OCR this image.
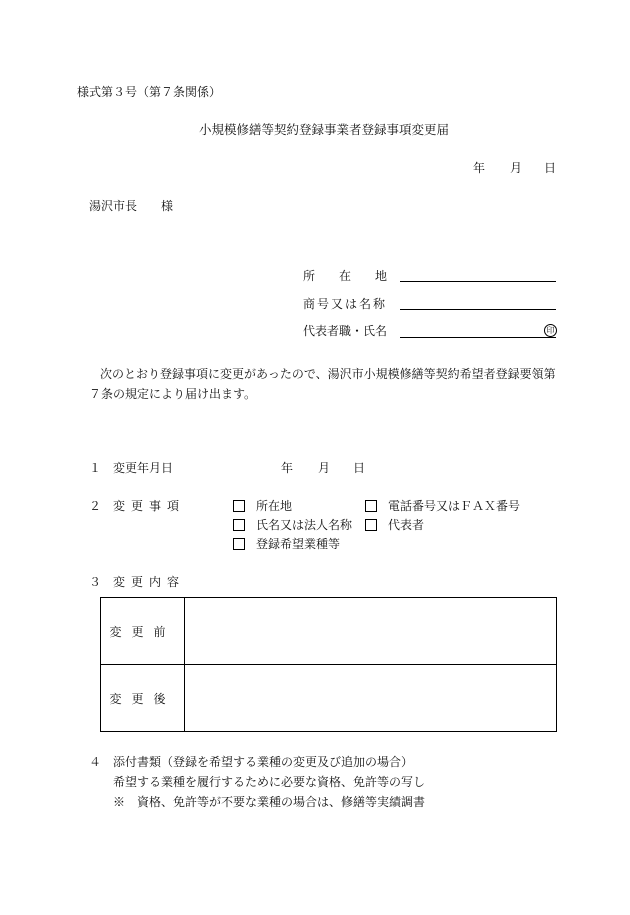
様式第３号（第７条関係）
小規模修繕等契約登録事業者登録事項変更届
年 月 日
湯沢市長　　様
所　　在　　地
商号又は名称
代表者職・氏名	印
次のとおり登録事項に変更があったので、湯沢市小規模修繕等契約希望者登録要領第
７条の規定により届け出ます。
１ 変更年月日	年 月 日
２ 変更事項	所在地	電話番号又はＦＡＸ番号
氏名又は法人名称	代表者
登録希望業種等
３ 変更内容
変更前	
変更後	
４ 添付書類（登録を希望する業種の変更及び追加の場合）
希望する業種を履行するために必要な資格、免許等の写し
※　資格、免許等が不要な業種の場合は、修繕等実績調書
